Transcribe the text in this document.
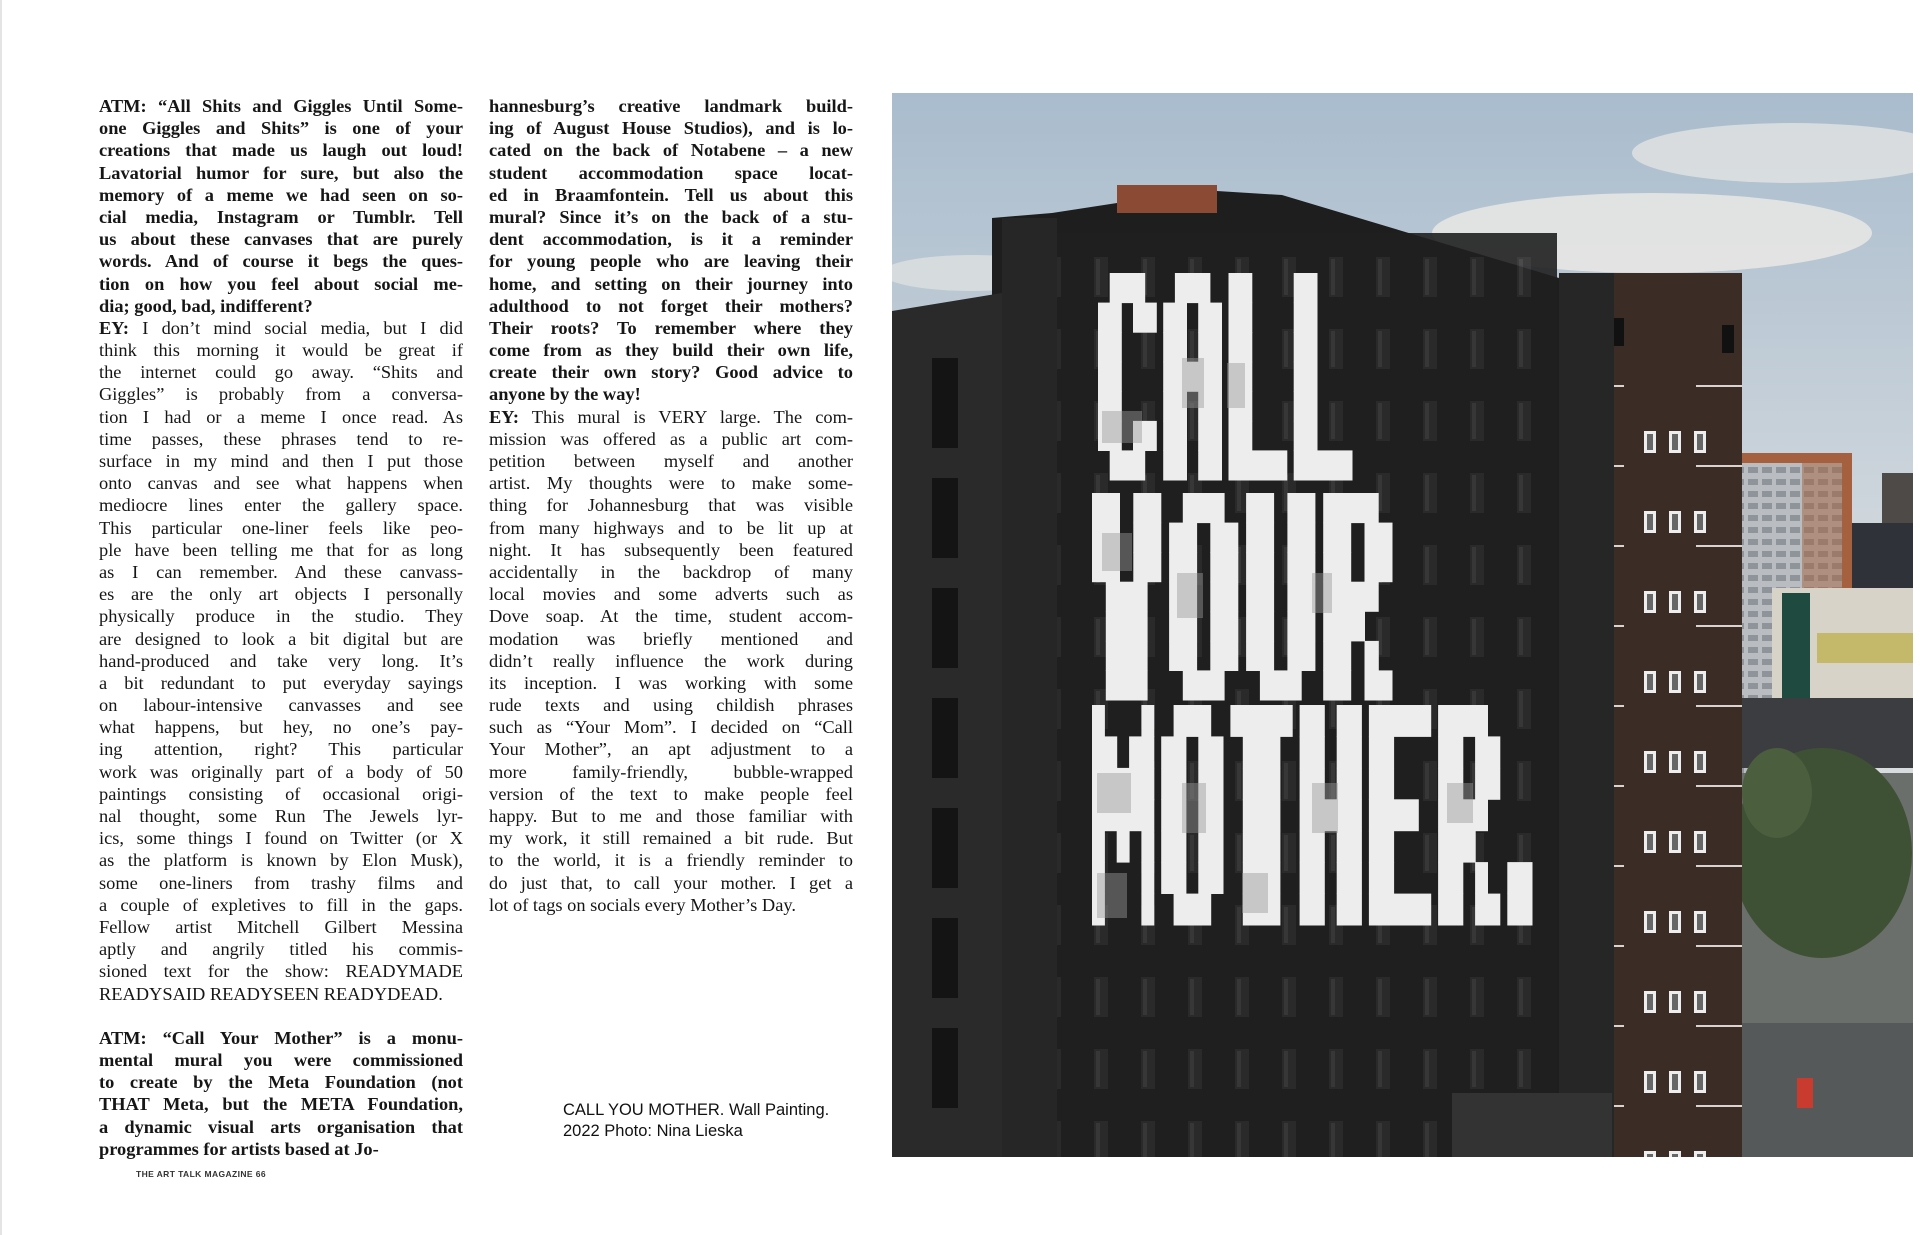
ATM: “All Shits and Giggles Until Some-
one Giggles and Shits” is one of your
creations that made us laugh out loud!
Lavatorial humor for sure, but also the
memory of a meme we had seen on so-
cial media, Instagram or Tumblr. Tell
us about these canvases that are purely
words. And of course it begs the ques-
tion on how you feel about social me-
dia; good, bad, indifferent?
EY: I don’t mind social media, but I did
think this morning it would be great if
the internet could go away. “Shits and
Giggles” is probably from a conversa-
tion I had or a meme I once read. As
time passes, these phrases tend to re-
surface in my mind and then I put those
onto canvas and see what happens when
mediocre lines enter the gallery space.
This particular one-liner feels like peo-
ple have been telling me that for as long
as I can remember. And these canvass-
es are the only art objects I personally
physically produce in the studio. They
are designed to look a bit digital but are
hand-produced and take very long. It’s
a bit redundant to put everyday sayings
on labour-intensive canvasses and see
what happens, but hey, no one’s pay-
ing attention, right? This particular
work was originally part of a body of 50
paintings consisting of occasional origi-
nal thought, some Run The Jewels lyr-
ics, some things I found on Twitter (or X
as the platform is known by Elon Musk),
some one-liners from trashy films and
a couple of expletives to fill in the gaps.
Fellow artist Mitchell Gilbert Messina
aptly and angrily titled his commis-
sioned text for the show: READYMADE
READYSAID READYSEEN READYDEAD.
ATM: “Call Your Mother” is a monu-
mental mural you were commissioned
to create by the Meta Foundation (not
THAT Meta, but the META Foundation,
a dynamic visual arts organisation that
programmes for artists based at Jo-
hannesburg’s creative landmark build-
ing of August House Studios), and is lo-
cated on the back of Notabene – a new
student accommodation space locat-
ed in Braamfontein. Tell us about this
mural? Since it’s on the back of a stu-
dent accommodation, is it a reminder
for young people who are leaving their
home, and setting on their journey into
adulthood to not forget their mothers?
Their roots? To remember where they
come from as they build their own life,
create their own story? Good advice to
anyone by the way!
EY: This mural is VERY large. The com-
mission was offered as a public art com-
petition between myself and another
artist. My thoughts were to make some-
thing for Johannesburg that was visible
from many highways and to be lit up at
night. It has subsequently been featured
accidentally in the backdrop of many
local movies and some adverts such as
Dove soap. At the time, student accom-
modation was briefly mentioned and
didn’t really influence the work during
its inception. I was working with some
rude texts and using childish phrases
such as “Your Mom”. I decided on “Call
Your Mother”, an apt adjustment to a
more family-friendly, bubble-wrapped
version of the text to make people feel
happy. But to me and those familiar with
my work, it still remained a bit rude. But
to the world, it is a friendly reminder to
do just that, to call your mother. I get a
lot of tags on socials every Mother’s Day.
CALL YOU MOTHER. Wall Painting.
2022 Photo: Nina Lieska
THE ART TALK MAGAZINE 66
